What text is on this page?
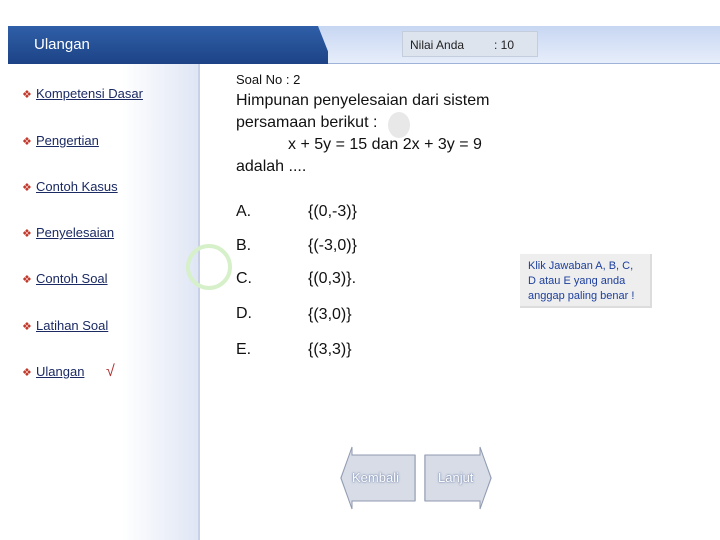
Ulangan	Nilai Anda : 10
❖ Kompetensi Dasar
❖ Pengertian
❖ Contoh Kasus
❖ Penyelesaian
❖ Contoh Soal
❖ Latihan Soal
❖ Ulangan √
Soal No : 2
Himpunan penyelesaian dari sistem
persamaan berikut :
x + 5y = 15 dan 2x + 3y = 9
adalah ....
A.	{(0,-3)}
B.	{(-3,0)}
C.	{(0,3)}.
D.	{(3,0)}
E.	{(3,3)}
Klik Jawaban A, B, C,
D atau E yang anda
anggap paling benar !
Kembali	Lanjut
